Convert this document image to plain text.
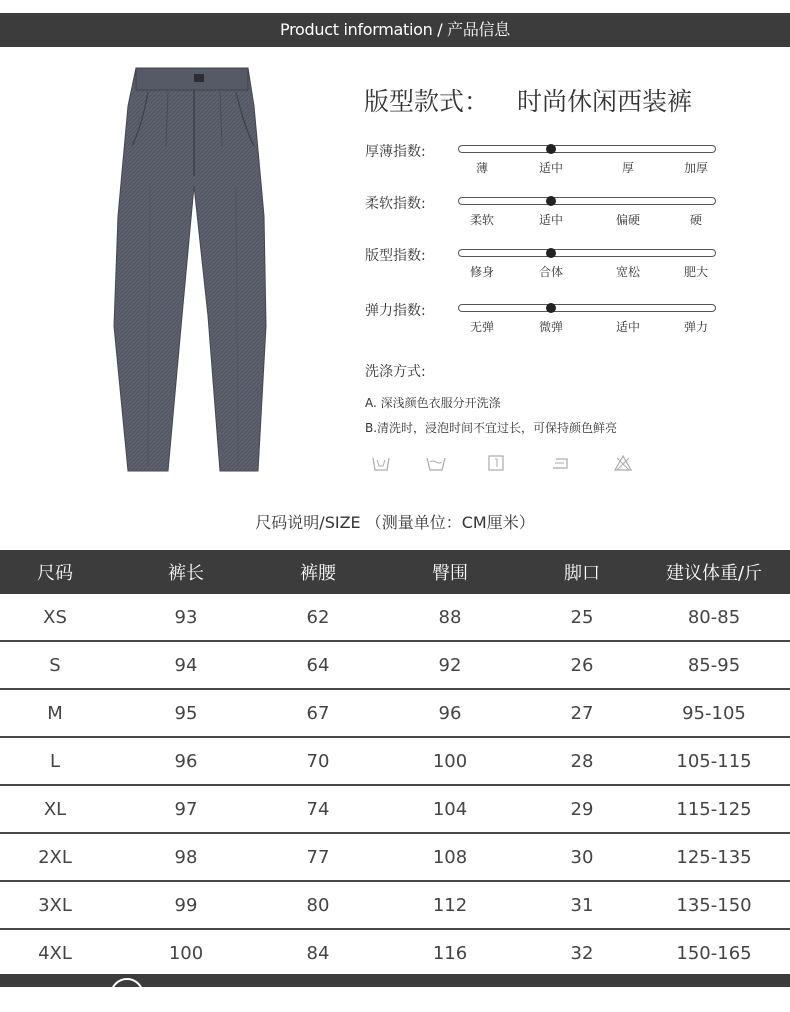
Product information / 产品信息
版型款式： 时尚休闲西装裤
厚薄指数:
薄	适中	厚	加厚
柔软指数:
柔软	适中	偏硬	硬
版型指数:
修身	合体	宽松	肥大
弹力指数:
无弹	微弹	适中	弹力
洗涤方式:
A. 深浅颜色衣服分开洗涤
B.清洗时，浸泡时间不宜过长，可保持颜色鲜亮
尺码说明/SIZE （测量单位：CM厘米）
尺码	裤长	裤腰	臀围	脚口	建议体重/斤
XS	93	62	88	25	80-85
S	94	64	92	26	85-95
M	95	67	96	27	95-105
L	96	70	100	28	105-115
XL	97	74	104	29	115-125
2XL	98	77	108	30	125-135
3XL	99	80	112	31	135-150
4XL	100	84	116	32	150-165
